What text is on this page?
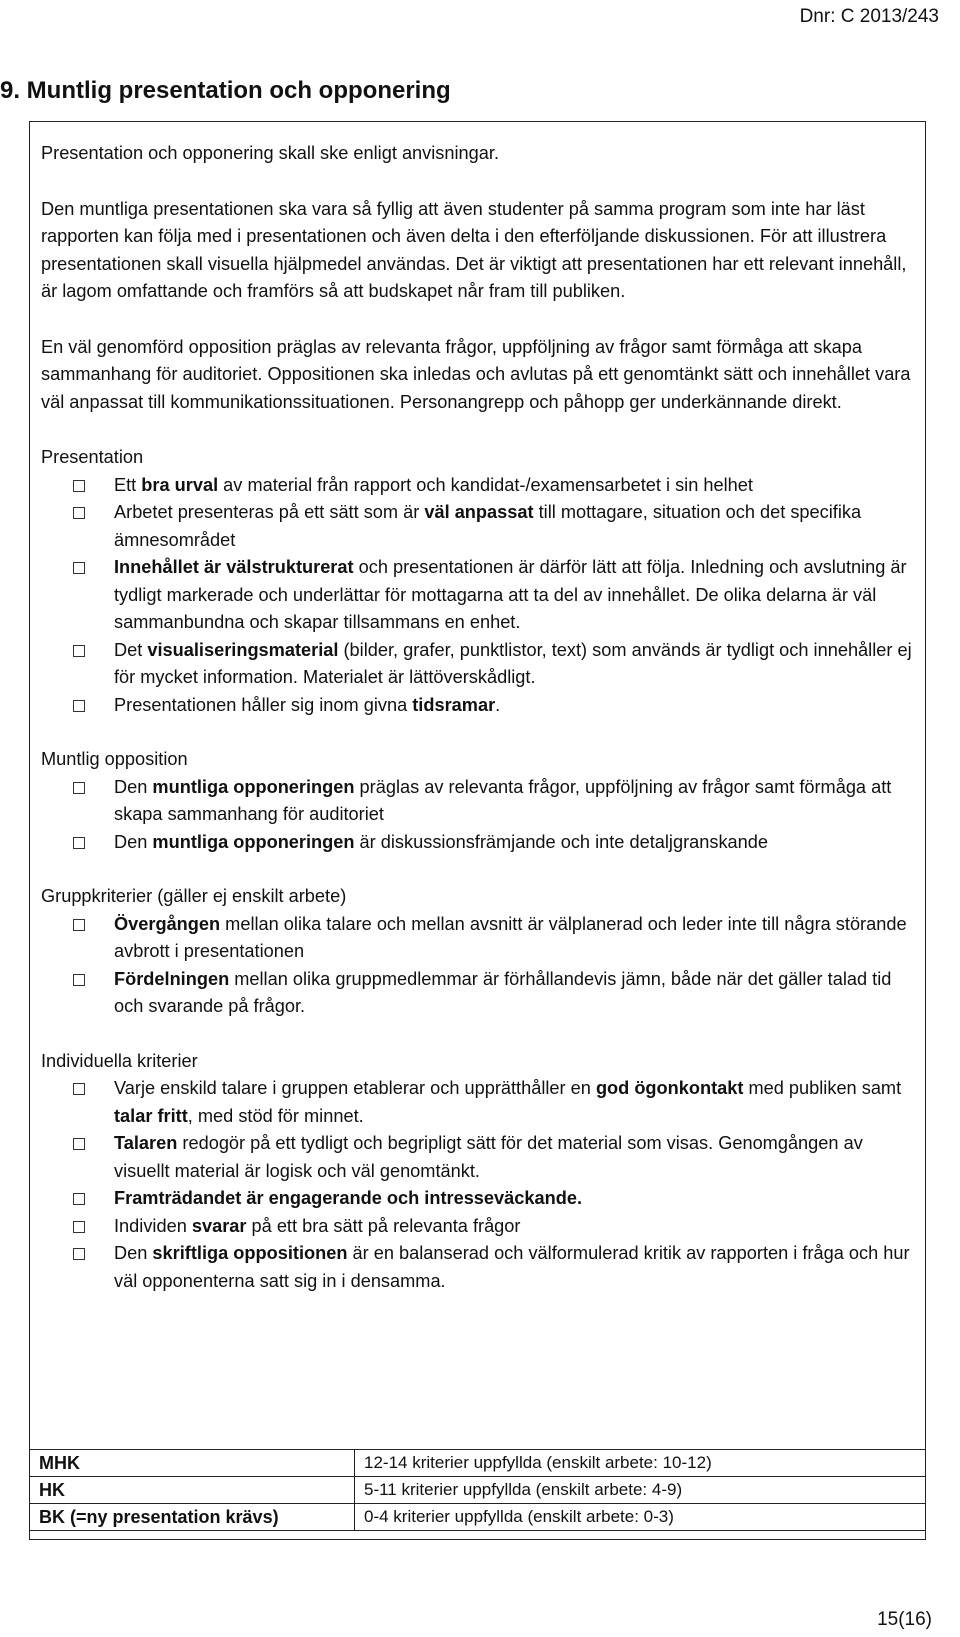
Dnr: C 2013/243
9. Muntlig presentation och opponering

Presentation och opponering skall ske enligt anvisningar.

Den muntliga presentationen ska vara så fyllig att även studenter på samma program som inte har läst rapporten kan följa med i presentationen och även delta i den efterföljande diskussionen. För att illustrera presentationen skall visuella hjälpmedel användas. Det är viktigt att presentationen har ett relevant innehåll, är lagom omfattande och framförs så att budskapet når fram till publiken.

En väl genomförd opposition präglas av relevanta frågor, uppföljning av frågor samt förmåga att skapa sammanhang för auditoriet. Oppositionen ska inledas och avlutas på ett genomtänkt sätt och innehållet vara väl anpassat till kommunikationssituationen. Personangrepp och påhopp ger underkännande direkt.

Presentation

Ett bra urval av material från rapport och kandidat-/examensarbetet i sin helhet
Arbetet presenteras på ett sätt som är väl anpassat till mottagare, situation och det specifika ämnesområdet
Innehållet är välstrukturerat och presentationen är därför lätt att följa. Inledning och avslutning är tydligt markerade och underlättar för mottagarna att ta del av innehållet. De olika delarna är väl sammanbundna och skapar tillsammans en enhet.
Det visualiseringsmaterial (bilder, grafer, punktlistor, text) som används är tydligt och innehåller ej för mycket information. Materialet är lättöverskådligt.
Presentationen håller sig inom givna tidsramar.

Muntlig opposition

Den muntliga opponeringen präglas av relevanta frågor, uppföljning av frågor samt förmåga att skapa sammanhang för auditoriet
Den muntliga opponeringen är diskussionsfrämjande och inte detaljgranskande

Gruppkriterier (gäller ej enskilt arbete)

Övergången mellan olika talare och mellan avsnitt är välplanerad och leder inte till några störande avbrott i presentationen
Fördelningen mellan olika gruppmedlemmar är förhållandevis jämn, både när det gäller talad tid och svarande på frågor.

Individuella kriterier

Varje enskild talare i gruppen etablerar och upprätthåller en god ögonkontakt med publiken samt talar fritt, med stöd för minnet.
Talaren redogör på ett tydligt och begripligt sätt för det material som visas. Genomgången av visuellt material är logisk och väl genomtänkt.
Framträdandet är engagerande och intresseväckande.
Individen svarar på ett bra sätt på relevanta frågor
Den skriftliga oppositionen är en balanserad och välformulerad kritik av rapporten i fråga och hur väl opponenterna satt sig in i densamma.
MHK	12-14 kriterier uppfyllda (enskilt arbete: 10-12)
HK	5-11 kriterier uppfyllda (enskilt arbete: 4-9)
BK (=ny presentation krävs)	0-4 kriterier uppfyllda (enskilt arbete: 0-3)
15(16)
